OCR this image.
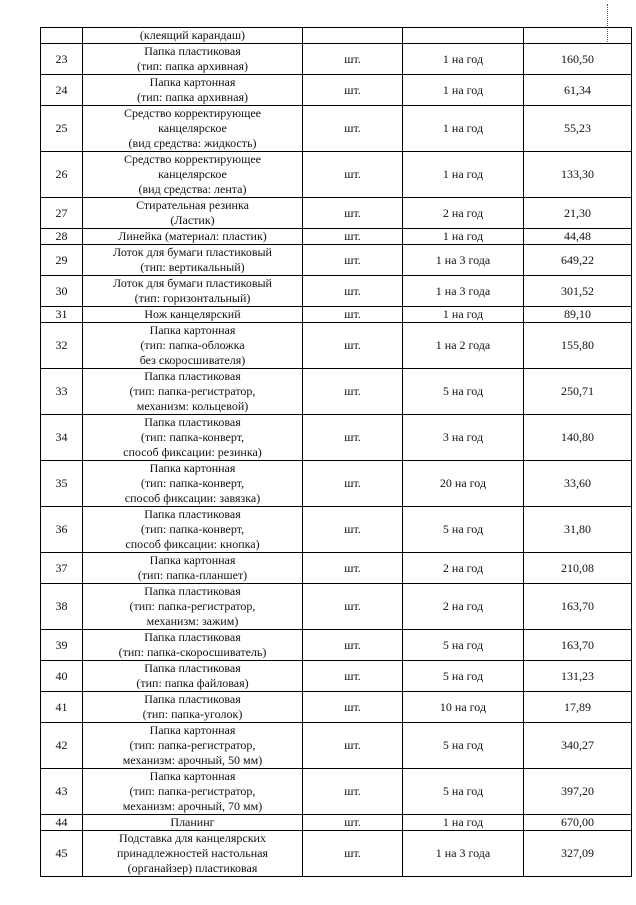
	(клеящий карандаш)			

23	Папка пластиковая
(тип: папка архивная)	шт.	1 на год	160,50
24	Папка картонная
(тип: папка архивная)	шт.	1 на год	61,34
25	Средство корректирующее
канцелярское
(вид средства: жидкость)	шт.	1 на год	55,23
26	Средство корректирующее
канцелярское
(вид средства: лента)	шт.	1 на год	133,30
27	Стирательная резинка
(Ластик)	шт.	2 на год	21,30
28	Линейка (материал: пластик)	шт.	1 на год	44,48
29	Лоток для бумаги пластиковый
(тип: вертикальный)	шт.	1 на 3 года	649,22
30	Лоток для бумаги пластиковый
(тип: горизонтальный)	шт.	1 на 3 года	301,52
31	Нож канцелярский	шт.	1 на год	89,10
32	Папка картонная
(тип: папка-обложка
без скоросшивателя)	шт.	1 на 2 года	155,80
33	Папка пластиковая
(тип: папка-регистратор,
механизм: кольцевой)	шт.	5 на год	250,71
34	Папка пластиковая
(тип: папка-конверт,
способ фиксации: резинка)	шт.	3 на год	140,80
35	Папка картонная
(тип: папка-конверт,
способ фиксации: завязка)	шт.	20 на год	33,60
36	Папка пластиковая
(тип: папка-конверт,
способ фиксации: кнопка)	шт.	5 на год	31,80
37	Папка картонная
(тип: папка-планшет)	шт.	2 на год	210,08
38	Папка пластиковая
(тип: папка-регистратор,
механизм: зажим)	шт.	2 на год	163,70
39	Папка пластиковая
(тип: папка-скоросшиватель)	шт.	5 на год	163,70
40	Папка пластиковая
(тип: папка файловая)	шт.	5 на год	131,23
41	Папка пластиковая
(тип: папка-уголок)	шт.	10 на год	17,89
42	Папка картонная
(тип: папка-регистратор,
механизм: арочный, 50 мм)	шт.	5 на год	340,27
43	Папка картонная
(тип: папка-регистратор,
механизм: арочный, 70 мм)	шт.	5 на год	397,20
44	Планинг	шт.	1 на год	670,00
45	Подставка для канцелярских
принадлежностей настольная
(органайзер) пластиковая	шт.	1 на 3 года	327,09
